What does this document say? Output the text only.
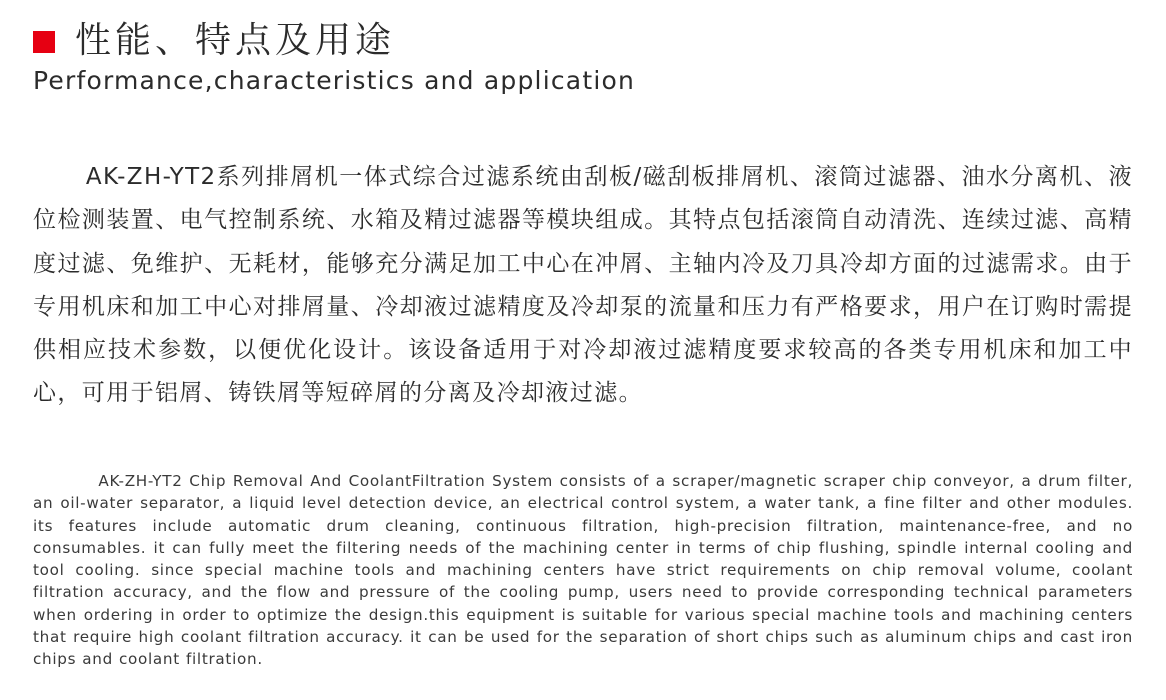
性能、特点及用途
Performance,characteristics and application

AK-ZH-YT2系列排屑机一体式综合过滤系统由刮板/磁刮板排屑机、滚筒过滤器、油水分离机、液位检测装置、电气控制系统、水箱及精过滤器等模块组成。其特点包括滚筒自动清洗、连续过滤、高精度过滤、免维护、无耗材，能够充分满足加工中心在冲屑、主轴内冷及刀具冷却方面的过滤需求。由于专用机床和加工中心对排屑量、冷却液过滤精度及冷却泵的流量和压力有严格要求，用户在订购时需提供相应技术参数，以便优化设计。该设备适用于对冷却液过滤精度要求较高的各类专用机床和加工中心，可用于铝屑、铸铁屑等短碎屑的分离及冷却液过滤。

AK-ZH-YT2 Chip Removal And CoolantFiltration System consists of a scraper/magnetic scraper chip conveyor, a drum filter, an oil-water separator, a liquid level detection device, an electrical control system, a water tank, a fine filter and other modules. its features include automatic drum cleaning, continuous filtration, high-precision filtration, maintenance-free, and no consumables. it can fully meet the filtering needs of the machining center in terms of chip flushing, spindle internal cooling and tool cooling. since special machine tools and machining centers have strict requirements on chip removal volume, coolant filtration accuracy, and the flow and pressure of the cooling pump, users need to provide corresponding technical parameters when ordering in order to optimize the design.this equipment is suitable for various special machine tools and machining centers that require high coolant filtration accuracy. it can be used for the separation of short chips such as aluminum chips and cast iron chips and coolant filtration.
